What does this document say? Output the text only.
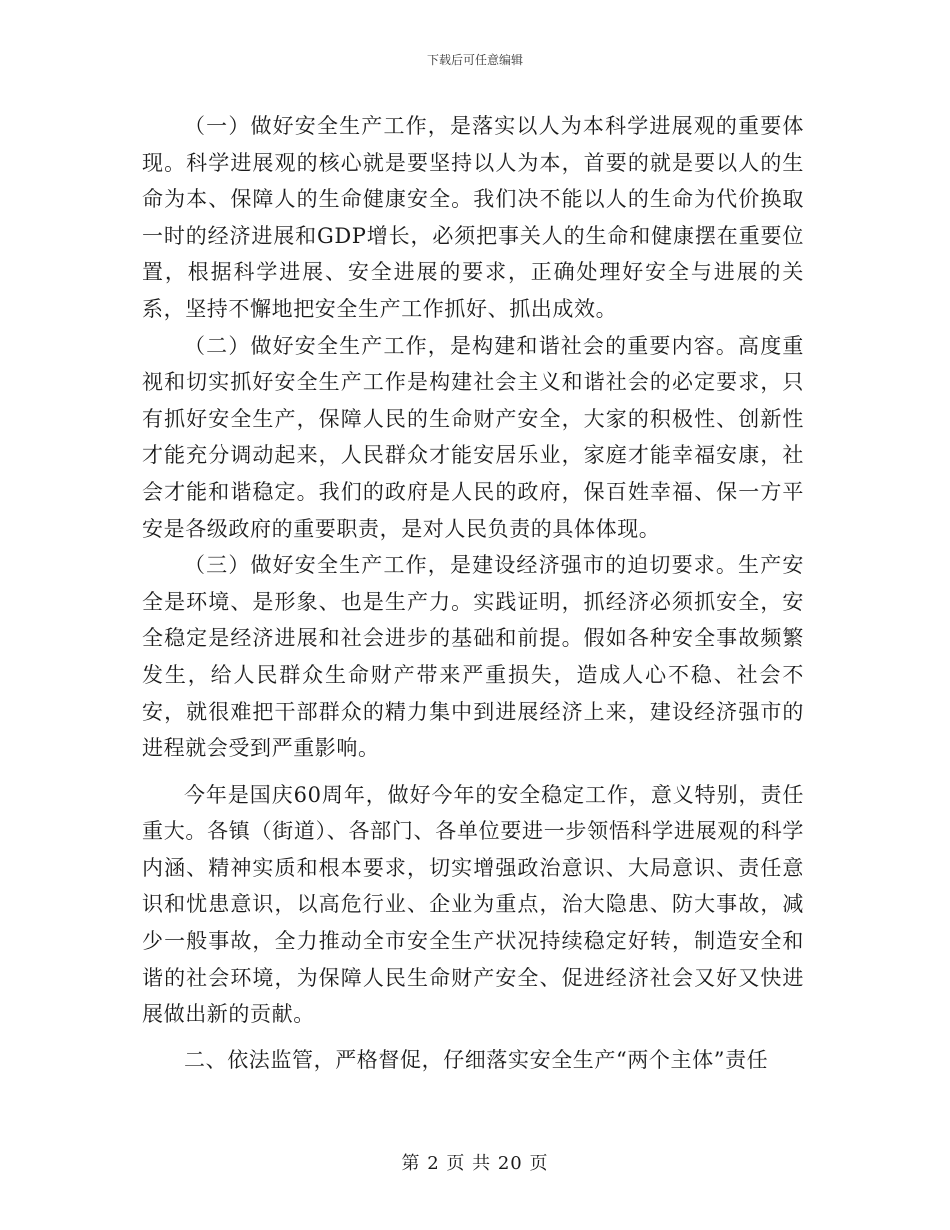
下载后可任意编辑

（一）做好安全生产工作，是落实以人为本科学进展观的重要体现。科学进展观的核心就是要坚持以人为本，首要的就是要以人的生命为本、保障人的生命健康安全。我们决不能以人的生命为代价换取一时的经济进展和GDP增长，必须把事关人的生命和健康摆在重要位置，根据科学进展、安全进展的要求，正确处理好安全与进展的关系，坚持不懈地把安全生产工作抓好、抓出成效。

（二）做好安全生产工作，是构建和谐社会的重要内容。高度重视和切实抓好安全生产工作是构建社会主义和谐社会的必定要求，只有抓好安全生产，保障人民的生命财产安全，大家的积极性、创新性才能充分调动起来，人民群众才能安居乐业，家庭才能幸福安康，社会才能和谐稳定。我们的政府是人民的政府，保百姓幸福、保一方平安是各级政府的重要职责，是对人民负责的具体体现。

（三）做好安全生产工作，是建设经济强市的迫切要求。生产安全是环境、是形象、也是生产力。实践证明，抓经济必须抓安全，安全稳定是经济进展和社会进步的基础和前提。假如各种安全事故频繁发生，给人民群众生命财产带来严重损失，造成人心不稳、社会不安，就很难把干部群众的精力集中到进展经济上来，建设经济强市的进程就会受到严重影响。

今年是国庆60周年，做好今年的安全稳定工作，意义特别，责任重大。各镇（街道）、各部门、各单位要进一步领悟科学进展观的科学内涵、精神实质和根本要求，切实增强政治意识、大局意识、责任意识和忧患意识，以高危行业、企业为重点，治大隐患、防大事故，减少一般事故，全力推动全市安全生产状况持续稳定好转，制造安全和谐的社会环境，为保障人民生命财产安全、促进经济社会又好又快进展做出新的贡献。

二、依法监管，严格督促，仔细落实安全生产“两个主体”责任

第 2 页 共 20 页
